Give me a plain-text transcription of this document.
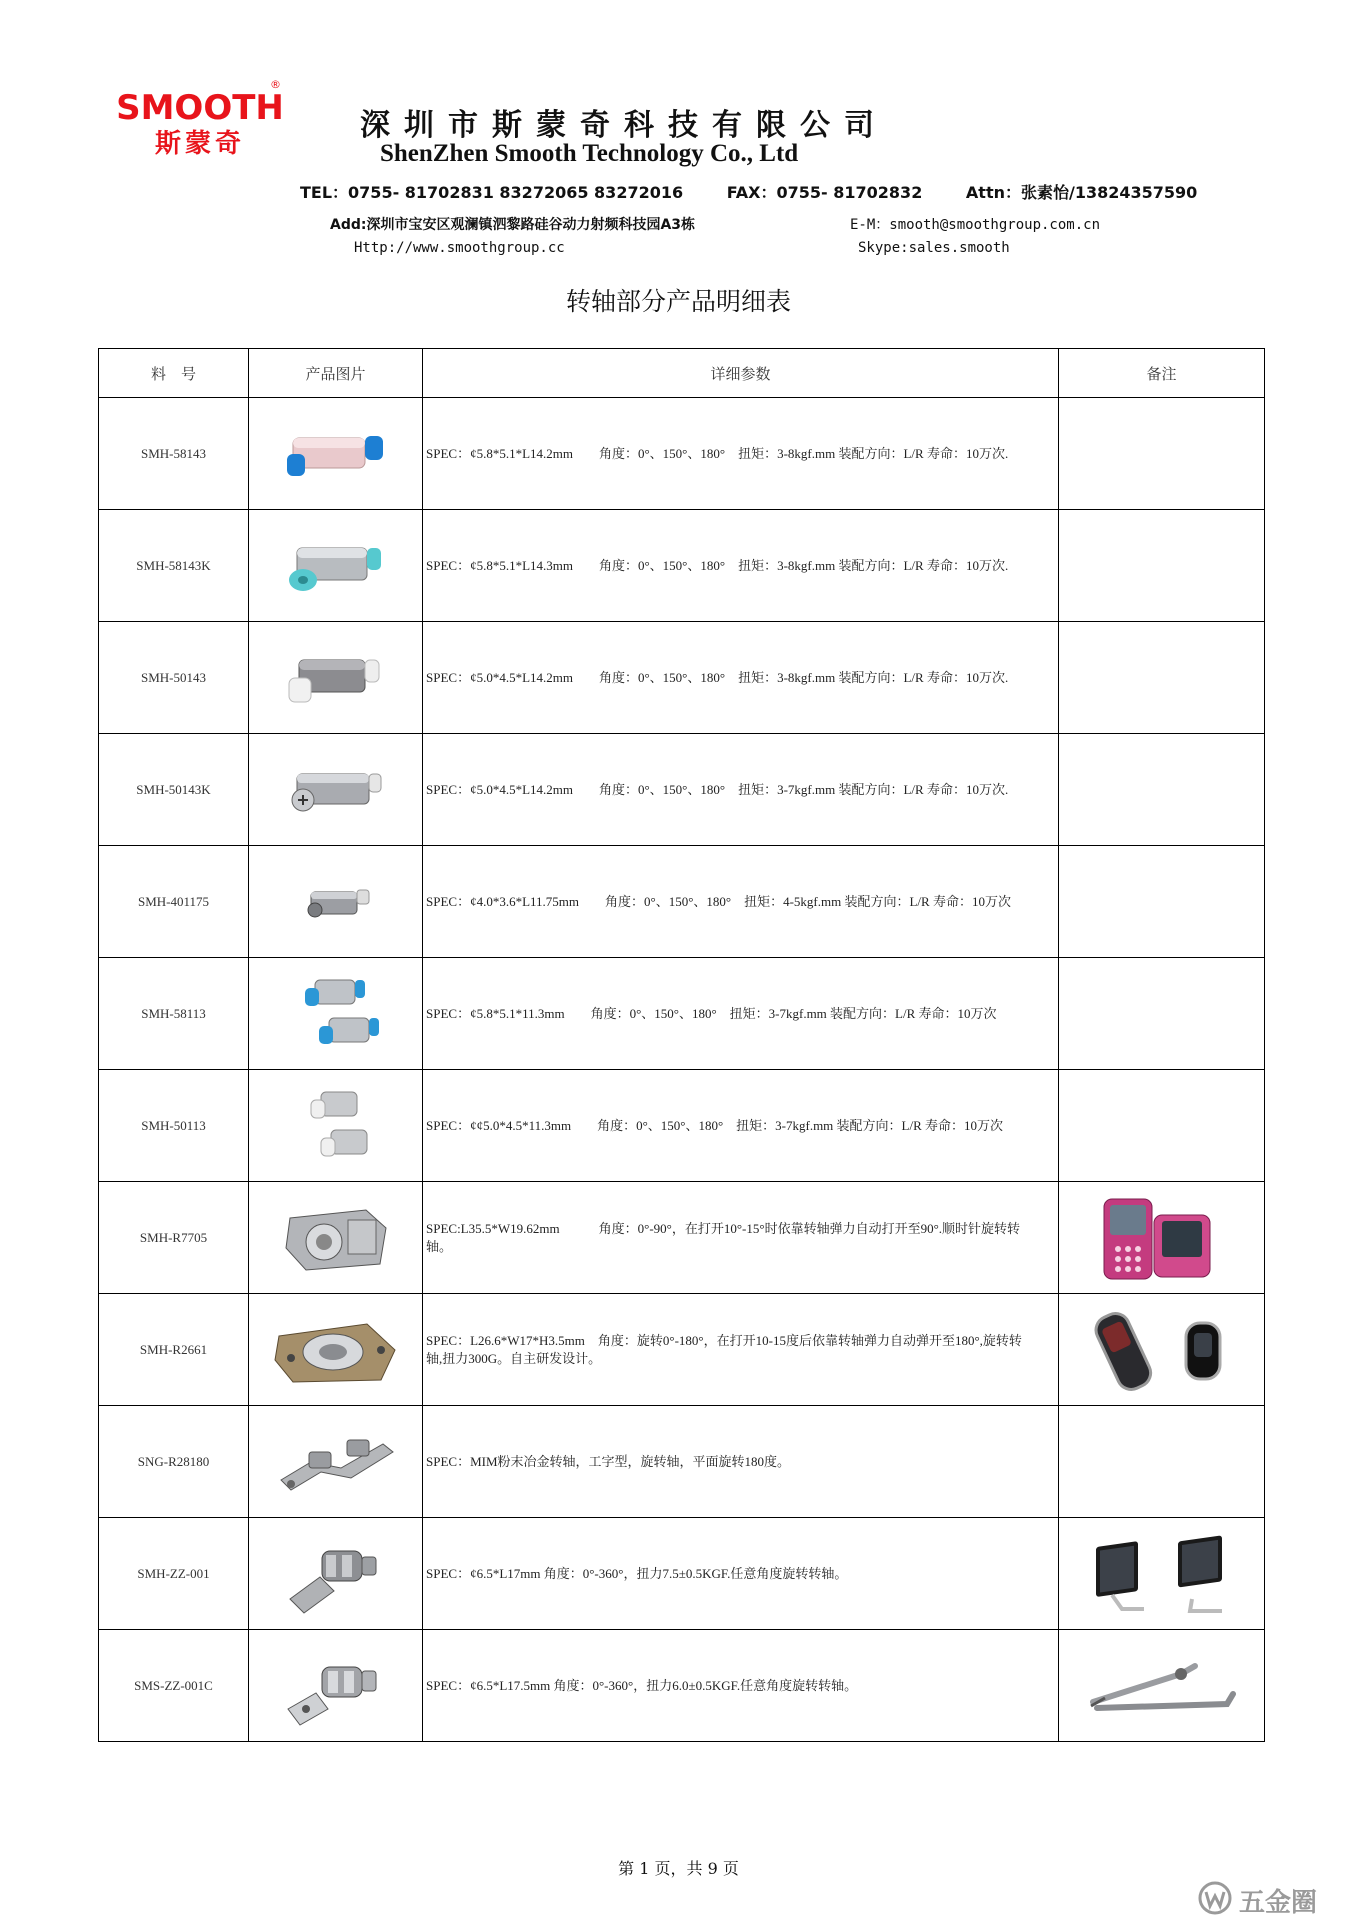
SMOOTH
®
斯蒙奇
深圳市斯蒙奇科技有限公司
ShenZhen Smooth Technology Co., Ltd
TEL：0755- 81702831 83272065 83272016	FAX：0755- 81702832	Attn：张素怡/13824357590
Add:深圳市宝安区观澜镇泗黎路硅谷动力射频科技园A3栋	E-M：smooth@smoothgroup.com.cn
Http://www.smoothgroup.cc	Skype:sales.smooth
转轴部分产品明细表
料　号	产品图片	详细参数	备注
SMH-58143		SPEC：¢5.8*5.1*L14.2mm　　角度：0°、150°、180°　扭矩：3-8kgf.mm 装配方向：L/R 寿命：10万次.	
SMH-58143K		SPEC：¢5.8*5.1*L14.3mm　　角度：0°、150°、180°　扭矩：3-8kgf.mm 装配方向：L/R 寿命：10万次.	
SMH-50143		SPEC：¢5.0*4.5*L14.2mm　　角度：0°、150°、180°　扭矩：3-8kgf.mm 装配方向：L/R 寿命：10万次.	
SMH-50143K		SPEC：¢5.0*4.5*L14.2mm　　角度：0°、150°、180°　扭矩：3-7kgf.mm 装配方向：L/R 寿命：10万次.	
SMH-401175		SPEC：¢4.0*3.6*L11.75mm　　角度：0°、150°、180°　扭矩：4-5kgf.mm 装配方向：L/R 寿命：10万次	
SMH-58113		SPEC：¢5.8*5.1*11.3mm　　角度：0°、150°、180°　扭矩：3-7kgf.mm 装配方向：L/R 寿命：10万次	
SMH-50113		SPEC：¢¢5.0*4.5*11.3mm　　角度：0°、150°、180°　扭矩：3-7kgf.mm 装配方向：L/R 寿命：10万次	
SMH-R7705		SPEC:L35.5*W19.62mm　　　角度：0°-90°，在打开10°-15°时依靠转轴弹力自动打开至90°.顺时针旋转转轴。	
SMH-R2661		SPEC：L26.6*W17*H3.5mm　角度：旋转0°-180°，在打开10-15度后依靠转轴弹力自动弹开至180°,旋转转轴,扭力300G。自主研发设计。	
SNG-R28180		SPEC：MIM粉末冶金转轴，工字型，旋转轴，平面旋转180度。	
SMH-ZZ-001		SPEC：¢6.5*L17mm 角度：0°-360°，扭力7.5±0.5KGF.任意角度旋转转轴。	
SMS-ZZ-001C		SPEC：¢6.5*L17.5mm 角度：0°-360°，扭力6.0±0.5KGF.任意角度旋转转轴。	
第 1 页，共 9 页
五金圈
